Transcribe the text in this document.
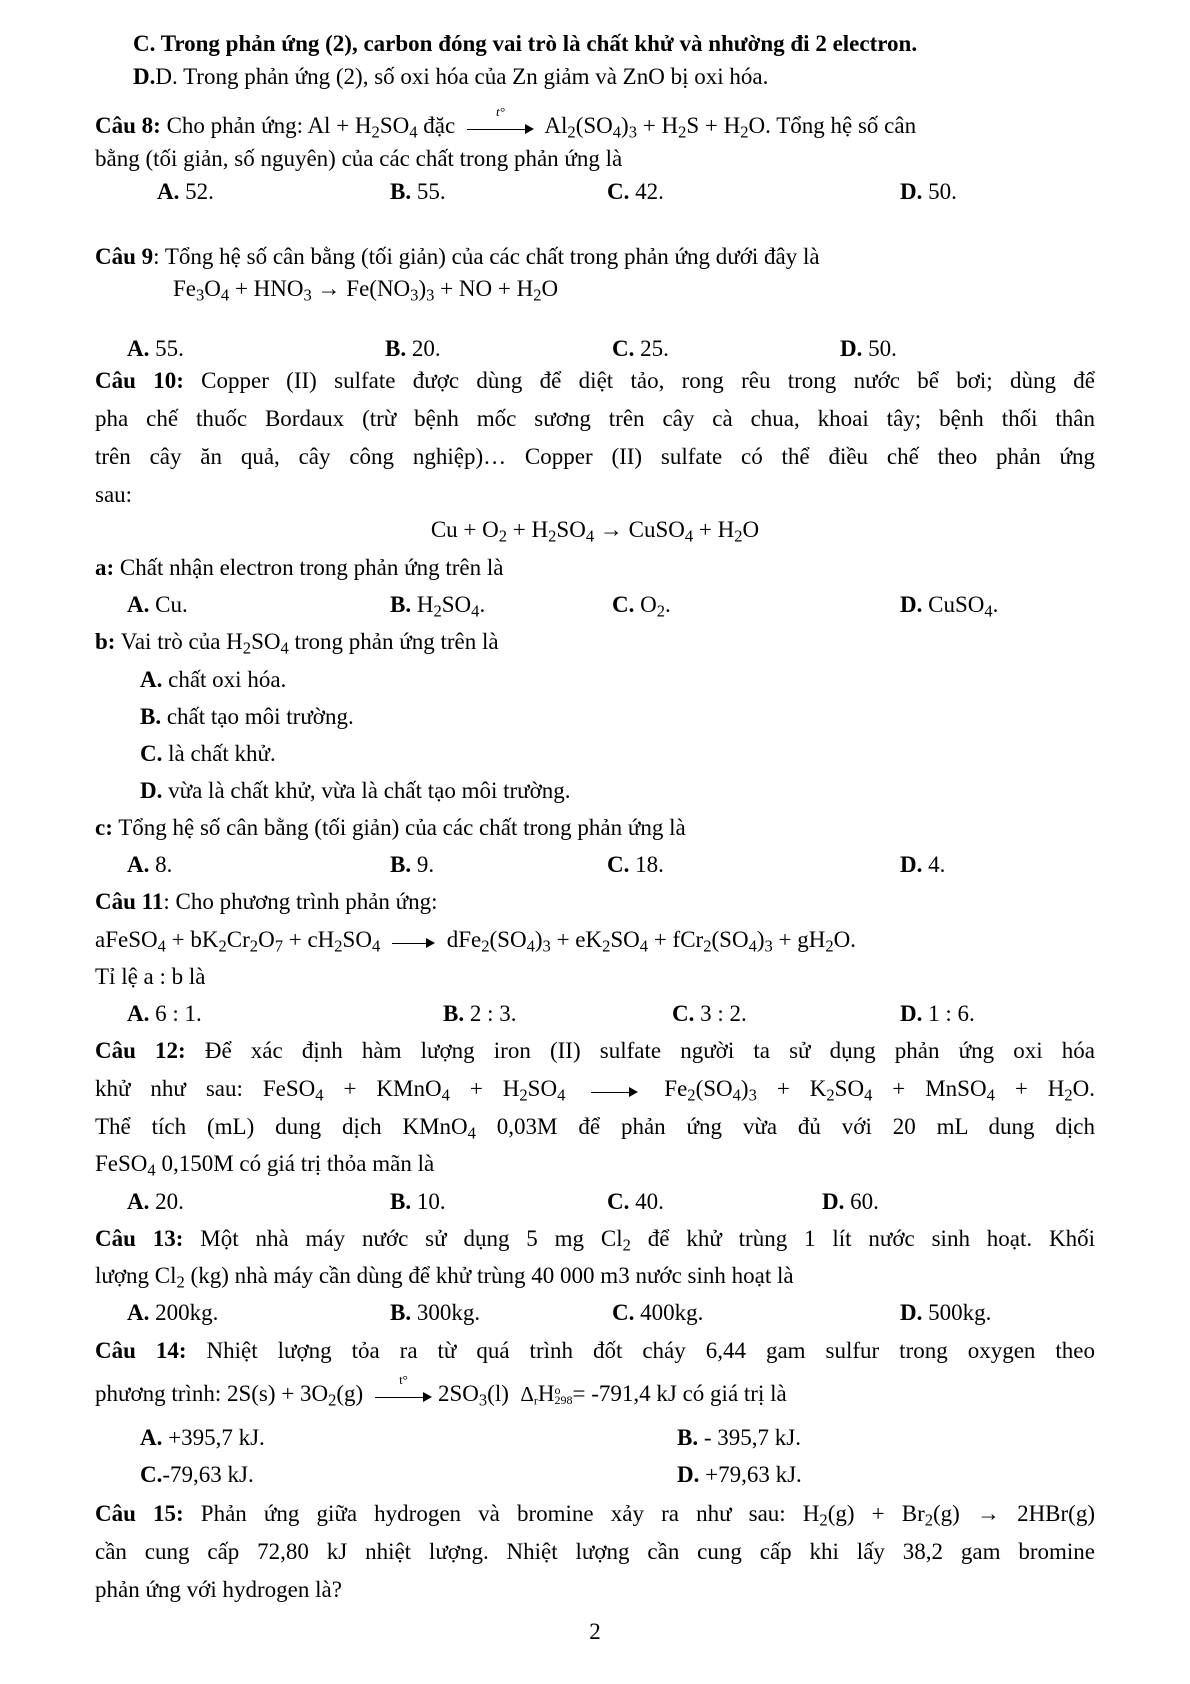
C. Trong phản ứng (2), carbon đóng vai trò là chất khử và nhường đi 2 electron.
D.D. Trong phản ứng (2), số oxi hóa của Zn giảm và ZnO bị oxi hóa.
Câu 8: Cho phản ứng: $Al + H_2SO_4$ đặc
t°
$Al_2(SO_4)_3 + H_2S + H_2O$. Tổng hệ số cân
bằng (tối giản, số nguyên) của các chất trong phản ứng là
A. 52.	B. 55.	C. 42.	D. 50.
Câu 9: Tổng hệ số cân bằng (tối giản) của các chất trong phản ứng dưới đây là
$Fe_3O_4 + HNO_3 \to Fe(NO_3)_3$ + NO + $H_2O$
A. 55.	B. 20.	C. 25.	D. 50.
Câu 10: Copper (II) sulfate được dùng để diệt tảo, rong rêu trong nước bể bơi; dùng để
pha chế thuốc Bordaux (trừ bệnh mốc sương trên cây cà chua, khoai tây; bệnh thối thân
trên cây ăn quả, cây công nghiệp)… Copper (II) sulfate có thể điều chế theo phản ứng
sau:
$Cu + O_2 + H_2SO_4$ → CuSO$_4$ + $H_2O$
a: Chất nhận electron trong phản ứng trên là
A. Cu.	B. $H_2SO_4$.	C. $O_2$.	D. CuSO$_4$.
b: Vai trò của $H_2SO_4$ trong phản ứng trên là
A. chất oxi hóa.
B. chất tạo môi trường.
C. là chất khử.
D. vừa là chất khử, vừa là chất tạo môi trường.
c: Tổng hệ số cân bằng (tối giản) của các chất trong phản ứng là
A. 8.	B. 9.	C. 18.	D. 4.
Câu 11: Cho phương trình phản ứng:
aFeSO$_4$ + $bK_2Cr_2O_7 + cH_2SO_4$	$dFe_2(SO_4)_3 + eK_2SO_4 + fCr_2(SO_4)_3 + gH_2O$.
Tỉ lệ a : b là
A. 6 : 1.	B. 2 : 3.	C. 3 : 2.	D. 1 : 6.
Câu 12: Để xác định hàm lượng iron (II) sulfate người ta sử dụng phản ứng oxi hóa
khử như sau: FeSO$_4$ + KMnO$_4$ + $H_2SO_4$	$Fe_2(SO_4)_3 + K_2SO_4$ + MnSO$_4$ + $H_2O$.
Thể tích (mL) dung dịch KMnO$_4$ 0,03M để phản ứng vừa đủ với 20 mL dung dịch
FeSO$_4$ 0,150M có giá trị thỏa mãn là
A. 20.	B. 10.	C. 40.	D. 60.
Câu 13: Một nhà máy nước sử dụng 5 mg $Cl_2$ để khử trùng 1 lít nước sinh hoạt. Khối
lượng $Cl_2$ (kg) nhà máy cần dùng để khử trùng 40 000 m3 nước sinh hoạt là
A. 200kg.	B. 300kg.	C. 400kg.	D. 500kg.
Câu 14: Nhiệt lượng tỏa ra từ quá trình đốt cháy 6,44 gam sulfur trong oxygen theo
phương trình: $2S(s) + 3O_2(g)$
t°
$2SO_3(l)$ $\Delta_rH^o_{298}= -791,4$ kJ có giá trị là
A. +395,7 kJ.	B. - 395,7 kJ.
C.-79,63 kJ.	D. +79,63 kJ.
Câu 15: Phản ứng giữa hydrogen và bromine xảy ra như sau: $H_2(g) + Br_2(g) \to 2HBr(g)$
cần cung cấp 72,80 kJ nhiệt lượng. Nhiệt lượng cần cung cấp khi lấy 38,2 gam bromine
phản ứng với hydrogen là?
2
